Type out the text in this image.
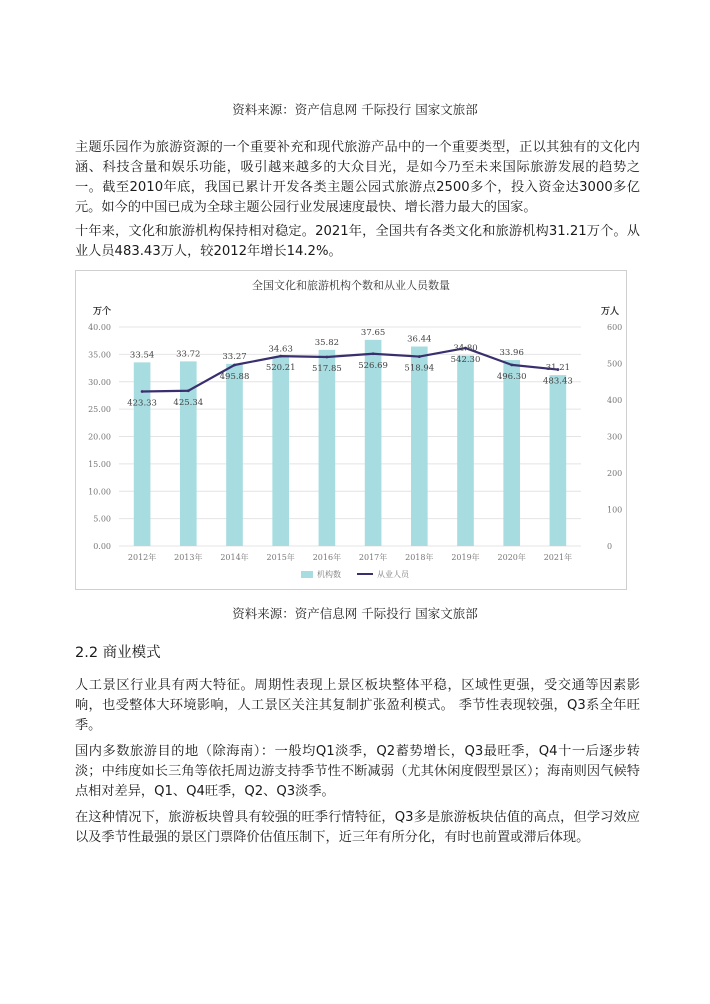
资料来源：资产信息网 千际投行 国家文旅部
主题乐园作为旅游资源的一个重要补充和现代旅游产品中的一个重要类型，正以其独有的文化内涵、科技含量和娱乐功能，吸引越来越多的大众目光，是如今乃至未来国际旅游发展的趋势之一。截至2010年底，我国已累计开发各类主题公园式旅游点2500多个，投入资金达3000多亿元。如今的中国已成为全球主题公园行业发展速度最快、增长潜力最大的国家。
十年来，文化和旅游机构保持相对稳定。2021年，全国共有各类文化和旅游机构31.21万个。从业人员483.43万人，较2012年增长14.2%。
全国文化和旅游机构个数和从业人员数量
万个	万人
33.54	33.72	33.27
34.63
35.82
37.65
36.44
34.80	33.96
31.21
423.33 425.34
495.88
520.21 517.85 526.69 518.94
542.30
496.30 483.43
0.00
5.00
10.00
15.00
20.00
25.00
30.00
35.00
40.00
0
100
200
300
400
500
600
2012年 2013年 2014年 2015年 2016年 2017年 2018年 2019年 2020年 2021年
机构数	从业人员
资料来源：资产信息网 千际投行 国家文旅部
2.2 商业模式
人工景区行业具有两大特征。周期性表现上景区板块整体平稳，区域性更强，受交通等因素影响，也受整体大环境影响，人工景区关注其复制扩张盈利模式。 季节性表现较强，Q3系全年旺季。
国内多数旅游目的地（除海南）：一般均Q1淡季，Q2蓄势增长，Q3最旺季，Q4十一后逐步转淡；中纬度如长三角等依托周边游支持季节性不断减弱（尤其休闲度假型景区）；海南则因气候特点相对差异，Q1、Q4旺季，Q2、Q3淡季。
在这种情况下，旅游板块曾具有较强的旺季行情特征，Q3多是旅游板块估值的高点，但学习效应以及季节性最强的景区门票降价估值压制下，近三年有所分化，有时也前置或滞后体现。
